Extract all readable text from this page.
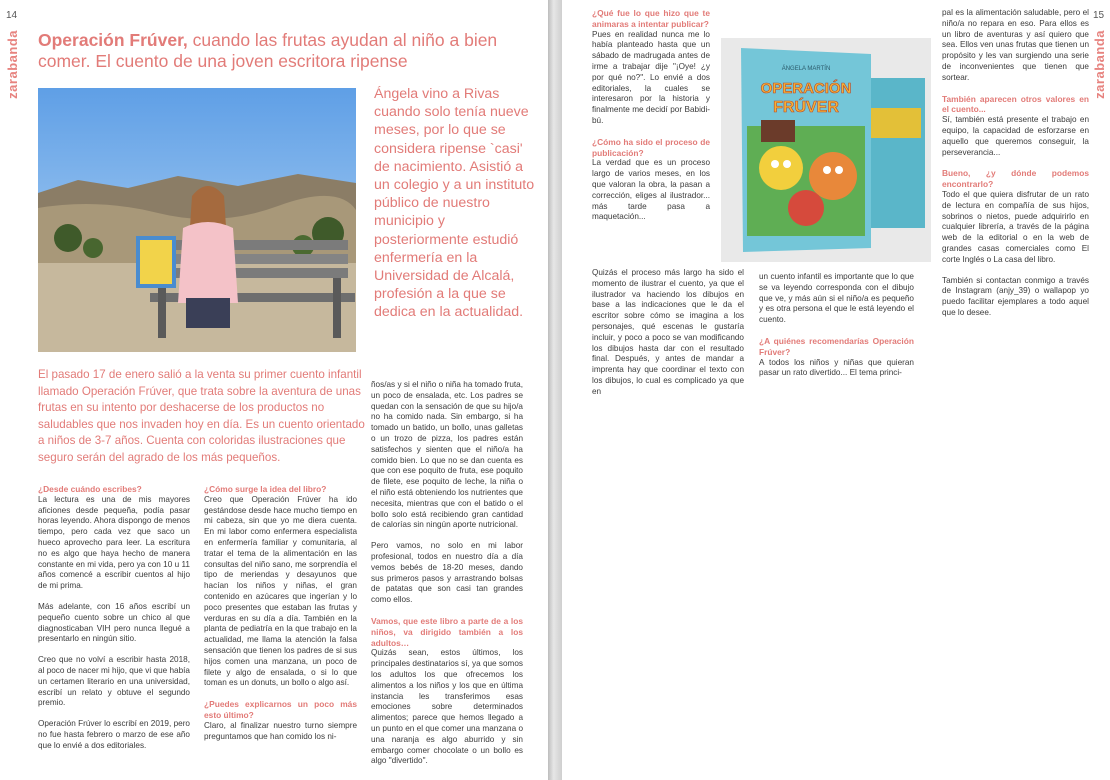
14
zarabanda Operación Frúver, cuando las frutas ayudan al niño a bien comer. El cuento de una joven escritora ripense

Ángela vino a Rivas cuando solo tenía nueve meses, por lo que se considera ripense `casi' de nacimiento. Asistió a un colegio y a un instituto público de nuestro municipio y posteriormente estudió enfermería en la Universidad de Alcalá, profesión a la que se dedica en la actualidad.

El pasado 17 de enero salió a la venta su primer cuento infantil llamado Operación Frúver, que trata sobre la aventura de unas frutas en su intento por deshacerse de los productos no saludables que nos invaden hoy en día. Es un cuento orientado a niños de 3-7 años. Cuenta con coloridas ilustraciones que seguro serán del agrado de los más pequeños.

¿Desde cuándo escribes?

La lectura es una de mis mayores aficiones desde pequeña, podía pasar horas leyendo. Ahora dispongo de menos tiempo, pero cada vez que saco un hueco aprovecho para leer. La escritura no es algo que haya hecho de manera constante en mi vida, pero ya con 10 u 11 años comencé a escribir cuentos al hijo de mi prima.

Más adelante, con 16 años escribí un pequeño cuento sobre un chico al que diagnosticaban VIH pero nunca llegué a presentarlo en ningún sitio.

Creo que no volví a escribir hasta 2018, al poco de nacer mi hijo, que vi que había un certamen literario en una universidad, escribí un relato y obtuve el segundo premio.

Operación Frúver lo escribí en 2019, pero no fue hasta febrero o marzo de ese año que lo envié a dos editoriales.

¿Cómo surge la idea del libro?

Creo que Operación Frúver ha ido gestándose desde hace mucho tiempo en mi cabeza, sin que yo me diera cuenta. En mi labor como enfermera especialista en enfermería familiar y comunitaria, al tratar el tema de la alimentación en las consultas del niño sano, me sorprendía el tipo de meriendas y desayunos que hacían los niños y niñas, el gran contenido en azúcares que ingerían y lo poco presentes que estaban las frutas y verduras en su día a día. También en la planta de pediatría en la que trabajo en la actualidad, me llama la atención la falsa sensación que tienen los padres de si sus hijos comen una manzana, un poco de filete y algo de ensalada, o si lo que toman es un donuts, un bollo o algo así.

¿Puedes explicarnos un poco más esto último?

Claro, al finalizar nuestro turno siempre preguntamos que han comido los ni-

ños/as y si el niño o niña ha tomado fruta, un poco de ensalada, etc. Los padres se quedan con la sensación de que su hijo/a no ha comido nada. Sin embargo, si ha tomado un batido, un bollo, unas galletas o un trozo de pizza, los padres están satisfechos y sienten que el niño/a ha comido bien. Lo que no se dan cuenta es que con ese poquito de fruta, ese poquito de filete, ese poquito de leche, la niña o el niño está obteniendo los nutrientes que necesita, mientras que con el batido o el bollo solo está recibiendo gran cantidad de calorías sin ningún aporte nutricional.

Pero vamos, no solo en mi labor profesional, todos en nuestro día a día vemos bebés de 18-20 meses, dando sus primeros pasos y arrastrando bolsas de patatas que son casi tan grandes como ellos.

Vamos, que este libro a parte de a los niños, va dirigido también a los adultos…

Quizás sean, estos últimos, los principales destinatarios sí, ya que somos los adultos los que ofrecemos los alimentos a los niños y los que en última instancia les transferimos esas emociones sobre determinados alimentos; parece que hemos llegado a un punto en el que comer una manzana o una naranja es algo aburrido y sin embargo comer chocolate o un bollo es algo "divertido".

15
zarabanda
¿Qué fue lo que hizo que te animaras a intentar publicar?

Pues en realidad nunca me lo había planteado hasta que un sábado de madrugada antes de irme a trabajar dije "¡Oye! ¿y por qué no?". Lo envié a dos editoriales, la cuales se interesaron por la historia y finalmente me decidí por Babidi-bú.

¿Cómo ha sido el proceso de publicación?

La verdad que es un proceso largo de varios meses, en los que valoran la obra, la pasan a corrección, eliges al ilustrador... más tarde pasa a maquetación...

Quizás el proceso más largo ha sido el momento de ilustrar el cuento, ya que el ilustrador va haciendo los dibujos en base a las indicaciones que le da el escritor sobre cómo se imagina a los personajes, qué escenas le gustaría incluir, y poco a poco se van modificando los dibujos hasta dar con el resultado final. Después, y antes de mandar a imprenta hay que coordinar el texto con los dibujos, lo cual es complicado ya que en

ÁNGELA MARTÍN
OPERACIÓN
FRÚVER

un cuento infantil es importante que lo que se va leyendo corresponda con el dibujo que ve, y más aún si el niño/a es pequeño y es otra persona el que le está leyendo el cuento.

¿A quiénes recomendarías Operación Frúver?

A todos los niños y niñas que quieran pasar un rato divertido... El tema princi-

pal es la alimentación saludable, pero el niño/a no repara en eso. Para ellos es un libro de aventuras y así quiero que sea. Ellos ven unas frutas que tienen un propósito y les van surgiendo una serie de inconvenientes que tienen que sortear.

También aparecen otros valores en el cuento...

Sí, también está presente el trabajo en equipo, la capacidad de esforzarse en aquello que queremos conseguir, la perseverancia...

Bueno, ¿y dónde podemos encontrarlo?

Todo el que quiera disfrutar de un rato de lectura en compañía de sus hijos, sobrinos o nietos, puede adquirirlo en cualquier librería, a través de la página web de la editorial o en la web de grandes casas comerciales como El corte Inglés o La casa del libro.

También si contactan conmigo a través de Instagram (anjy_39) o wallapop yo puedo facilitar ejemplares a todo aquel que lo desee.
